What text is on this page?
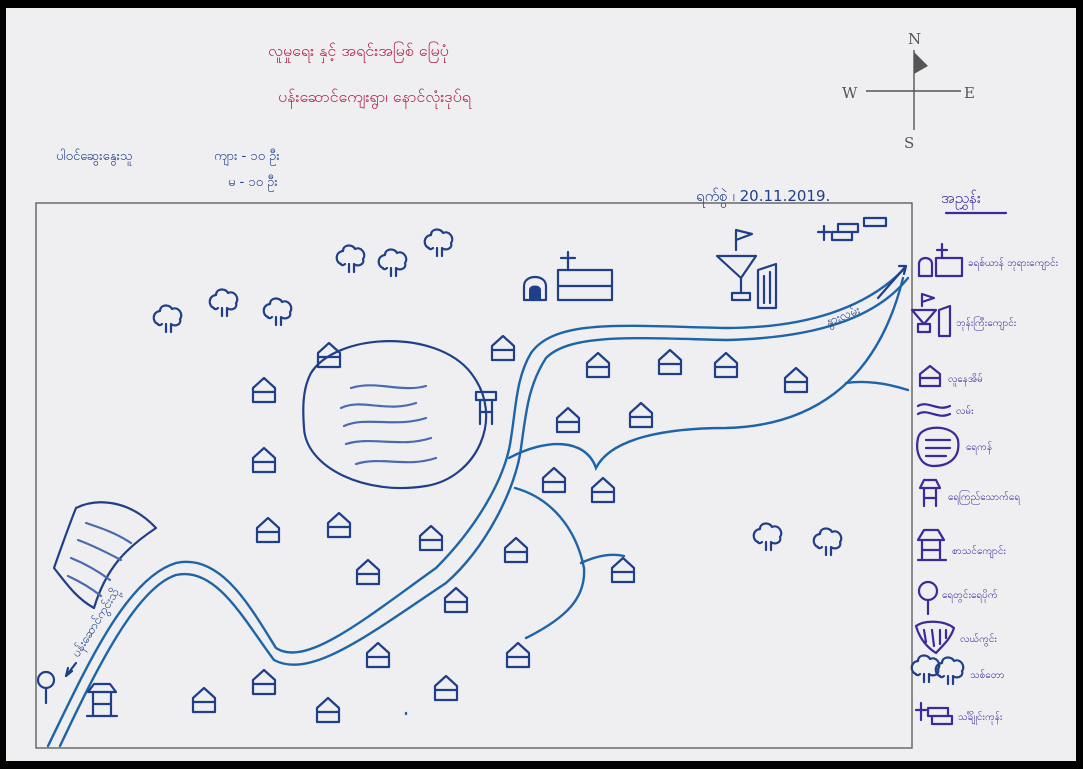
လူမှုရေး နှင့် အရင်းအမြစ် မြေပုံ
ပန်းဆောင်ကျေးရွာ၊ နောင်လုံးဒုပ်ရ
ပါဝင်ဆွေးနွေးသူ	ကျား - ၁၀ ဦး
မ - ၁၀ ဦး
ရက်စွဲ ၊ 20.11.2019.
N
S
E
W
နွားလမ်း
ပန်းဆောင်ကွင်းသို့
အညွှန်း
ခရစ်ယာန် ဘုရားကျောင်း
ဘုန်းကြီးကျောင်း
လူနေအိမ်
လမ်း
ရေကန်
ရေကြည်သောက်ရေ
စာသင်ကျောင်း
ရေတွင်းရေပိုက်
လယ်ကွင်း
သစ်တော
သင်္ချိုင်းကုန်း
